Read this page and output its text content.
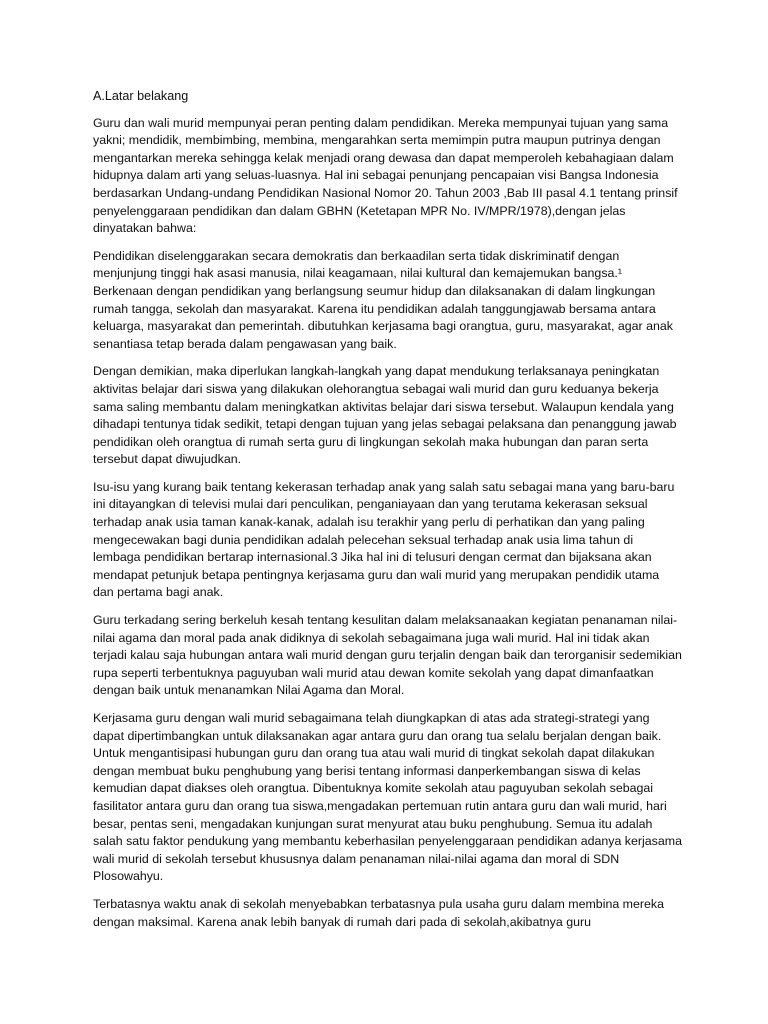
A.Latar belakang

Guru dan wali murid mempunyai peran penting dalam pendidikan. Mereka mempunyai tujuan yang sama yakni; mendidik, membimbing, membina, mengarahkan serta memimpin putra maupun putrinya dengan mengantarkan mereka sehingga kelak menjadi orang dewasa dan dapat memperoleh kebahagiaan dalam hidupnya dalam arti yang seluas-luasnya. Hal ini sebagai penunjang pencapaian visi Bangsa Indonesia berdasarkan Undang-undang Pendidikan Nasional Nomor 20. Tahun 2003 ,Bab III pasal 4.1 tentang prinsif penyelenggaraan pendidikan dan dalam GBHN (Ketetapan MPR No. IV/MPR/1978),dengan jelas dinyatakan bahwa:

Pendidikan diselenggarakan secara demokratis dan berkaadilan serta tidak diskriminatif dengan menjunjung tinggi hak asasi manusia, nilai keagamaan, nilai kultural dan kemajemukan bangsa.¹ Berkenaan dengan pendidikan yang berlangsung seumur hidup dan dilaksanakan di dalam lingkungan rumah tangga, sekolah dan masyarakat. Karena itu pendidikan adalah tanggungjawab bersama antara keluarga, masyarakat dan pemerintah. dibutuhkan kerjasama bagi orangtua, guru, masyarakat, agar anak senantiasa tetap berada dalam pengawasan yang baik.

Dengan demikian, maka diperlukan langkah-langkah yang dapat mendukung terlaksanaya peningkatan aktivitas belajar dari siswa yang dilakukan olehorangtua sebagai wali murid dan guru keduanya bekerja sama saling membantu dalam meningkatkan aktivitas belajar dari siswa tersebut. Walaupun kendala yang dihadapi tentunya tidak sedikit, tetapi dengan tujuan yang jelas sebagai pelaksana dan penanggung jawab pendidikan oleh orangtua di rumah serta guru di lingkungan sekolah maka hubungan dan paran serta tersebut dapat diwujudkan.

Isu-isu yang kurang baik tentang kekerasan terhadap anak yang salah satu sebagai mana yang baru-baru ini ditayangkan di televisi mulai dari penculikan, penganiayaan dan yang terutama kekerasan seksual terhadap anak usia taman kanak-kanak, adalah isu terakhir yang perlu di perhatikan dan yang paling mengecewakan bagi dunia pendidikan adalah pelecehan seksual terhadap anak usia lima tahun di lembaga pendidikan bertarap internasional.3 Jika hal ini di telusuri dengan cermat dan bijaksana akan mendapat petunjuk betapa pentingnya kerjasama guru dan wali murid yang merupakan pendidik utama dan pertama bagi anak.

Guru terkadang sering berkeluh kesah tentang kesulitan dalam melaksanaakan kegiatan penanaman nilai-nilai agama dan moral pada anak didiknya di sekolah sebagaimana juga wali murid. Hal ini tidak akan terjadi kalau saja hubungan antara wali murid dengan guru terjalin dengan baik dan terorganisir sedemikian rupa seperti terbentuknya paguyuban wali murid atau dewan komite sekolah yang dapat dimanfaatkan dengan baik untuk menanamkan Nilai Agama dan Moral.

Kerjasama guru dengan wali murid sebagaimana telah diungkapkan di atas ada strategi-strategi yang dapat dipertimbangkan untuk dilaksanakan agar antara guru dan orang tua selalu berjalan dengan baik. Untuk mengantisipasi hubungan guru dan orang tua atau wali murid di tingkat sekolah dapat dilakukan dengan membuat buku penghubung yang berisi tentang informasi danperkembangan siswa di kelas kemudian dapat diakses oleh orangtua. Dibentuknya komite sekolah atau paguyuban sekolah sebagai fasilitator antara guru dan orang tua siswa,mengadakan pertemuan rutin antara guru dan wali murid, hari besar, pentas seni, mengadakan kunjungan surat menyurat atau buku penghubung. Semua itu adalah salah satu faktor pendukung yang membantu keberhasilan penyelenggaraan pendidikan adanya kerjasama wali murid di sekolah tersebut khususnya dalam penanaman nilai-nilai agama dan moral di SDN Plosowahyu.

Terbatasnya waktu anak di sekolah menyebabkan terbatasnya pula usaha guru dalam membina mereka dengan maksimal. Karena anak lebih banyak di rumah dari pada di sekolah,akibatnya guru
